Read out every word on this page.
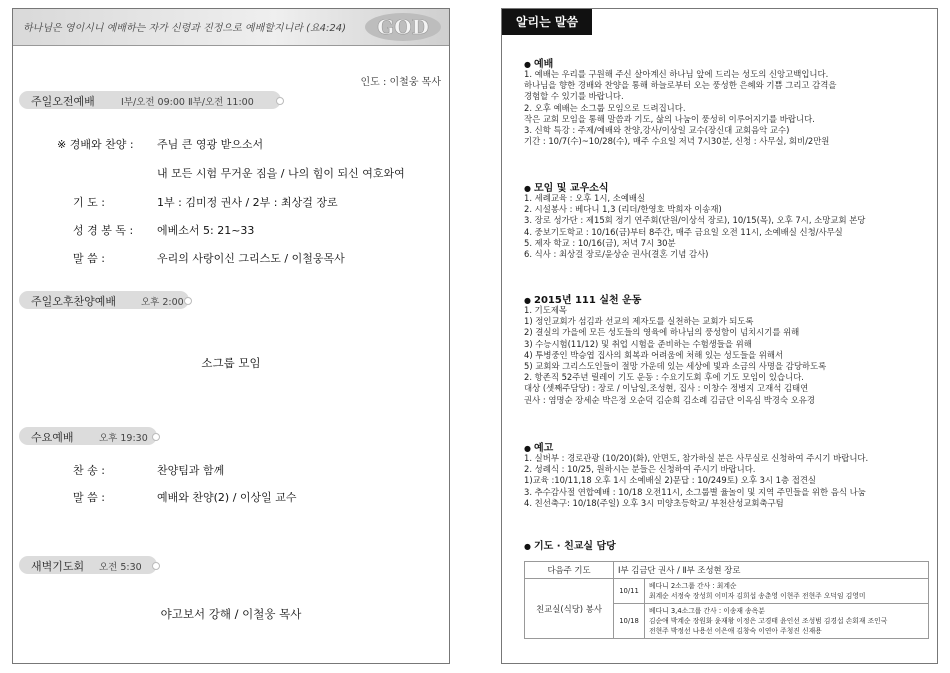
하나님은 영이시니 예배하는 자가 신령과 진정으로 예배할지니라 (요4:24) GOD
인도 : 이철웅 목사
주일오전예배	Ⅰ부/오전 09:00 Ⅱ부/오전 11:00
※ 경배와 찬양 : 주님 큰 영광 받으소서
내 모든 시험 무거운 짐을 / 나의 힘이 되신 여호와여
기 도 :	1부 : 김미정 권사 / 2부 : 최상걸 장로
성 경 봉 독 : 에베소서 5: 21~33
말 씀 :	우리의 사랑이신 그리스도 / 이철웅목사
주일오후찬양예배	오후 2:00
소그룹 모임
수요예배	오후 19:30
찬 송 :	찬양팀과 함께
말 씀 :	예배와 찬양(2) / 이상일 교수
새벽기도회 오전 5:30
야고보서 강해 / 이철웅 목사
알리는 말씀
● 예배
1. 예배는 우리를 구원해 주신 살아계신 하나님 앞에 드리는 성도의 신앙고백입니다.
하나님을 향한 경배와 찬양을 통해 하늘로부터 오는 풍성한 은혜와 기쁨 그리고 감격을
경험할 수 있기를 바랍니다.
2. 오후 예배는 소그룹 모임으로 드려집니다.
작은 교회 모임을 통해 말씀과 기도, 삶의 나눔이 풍성히 이루어지기를 바랍니다.
3. 신학 특강 : 주제/예배와 찬양,강사/이상일 교수(장신대 교회음악 교수)
기간 : 10/7(수)~10/28(수), 매주 수요일 저녁 7시30분, 신청 : 사무실, 회비/2만원
● 모임 및 교우소식
1. 세례교육 : 오후 1시, 소예배실
2. 시설봉사 : 베다니 1,3 (리더/한영호 박희자 이송재)
3. 장로 성가단 : 제15회 정기 연주회(단원/이상석 장로), 10/15(목), 오후 7시, 소망교회 본당
4. 중보기도학교 : 10/16(금)부터 8주간, 매주 금요일 오전 11시, 소예배실 신청/사무실
5. 제자 학교 : 10/16(금), 저녁 7시 30분
6. 식사 : 최상걸 장로/윤상순 권사(결혼 기념 감사)
● 2015년 111 실천 운동
1. 기도제목
1) 정인교회가 섬김과 선교의 제자도를 실천하는 교회가 되도록
2) 결실의 가을에 모든 성도들의 영육에 하나님의 풍성함이 넘치시기를 위해
3) 수능시험(11/12) 및 취업 시험을 준비하는 수험생들을 위해
4) 투병중인 박승엽 집사의 회복과 어려움에 처해 있는 성도들을 위해서
5) 교회와 그리스도인들이 절망 가운데 있는 세상에 빛과 소금의 사명을 감당하도록
2. 항존직 52주년 릴레이 기도 운동 : 수요기도회 후에 기도 모임이 있습니다.
대상 (셋째주담당) : 장로 / 이남일,조성현, 집사 : 이창수 정병지 고재석 김태연
권사 : 염명순 장세순 박은정 오순덕 김순희 김소례 김금단 이옥심 박경숙 오유경
● 예고
1. 실버부 : 경로관광 (10/20)(화), 안면도, 참가하실 분은 사무실로 신청하여 주시기 바랍니다.
2. 성례식 : 10/25, 원하시는 분들은 신청하여 주시기 바랍니다.
1)교육 :10/11,18 오후 1시 소예배실 2)문답 : 10/249토) 오후 3시 1층 접견실
3. 추수감사절 연합예배 : 10/18 오전11시, 소그룹별 율놀이 및 지역 주민들을 위한 음식 나눔
4. 친선축구: 10/18(주일) 오후 3시 미양초등학교/ 부천산성교회축구팀
● 기도 · 친교실 담당
다음주 기도	Ⅰ부 김금단 권사 / Ⅱ부 조성현 장로	
친교실(식당) 봉사	10/11	베다니 2소그룹 간사 : 최계순
최계순 서정숙 장성희 이미자 김희섭 송춘영 이현주 전현주 오덕임 김영미

	10/18	베다니 3,4소그룹 간사 : 이송재 송옥분
김순애 박계순 장원화 윤재왕 이정은 고경태 윤인선 조성범 김경섭 손회재 조인국
전현주 박정선 나용선 이은애 김창숙 이연아 주청진 신재용
